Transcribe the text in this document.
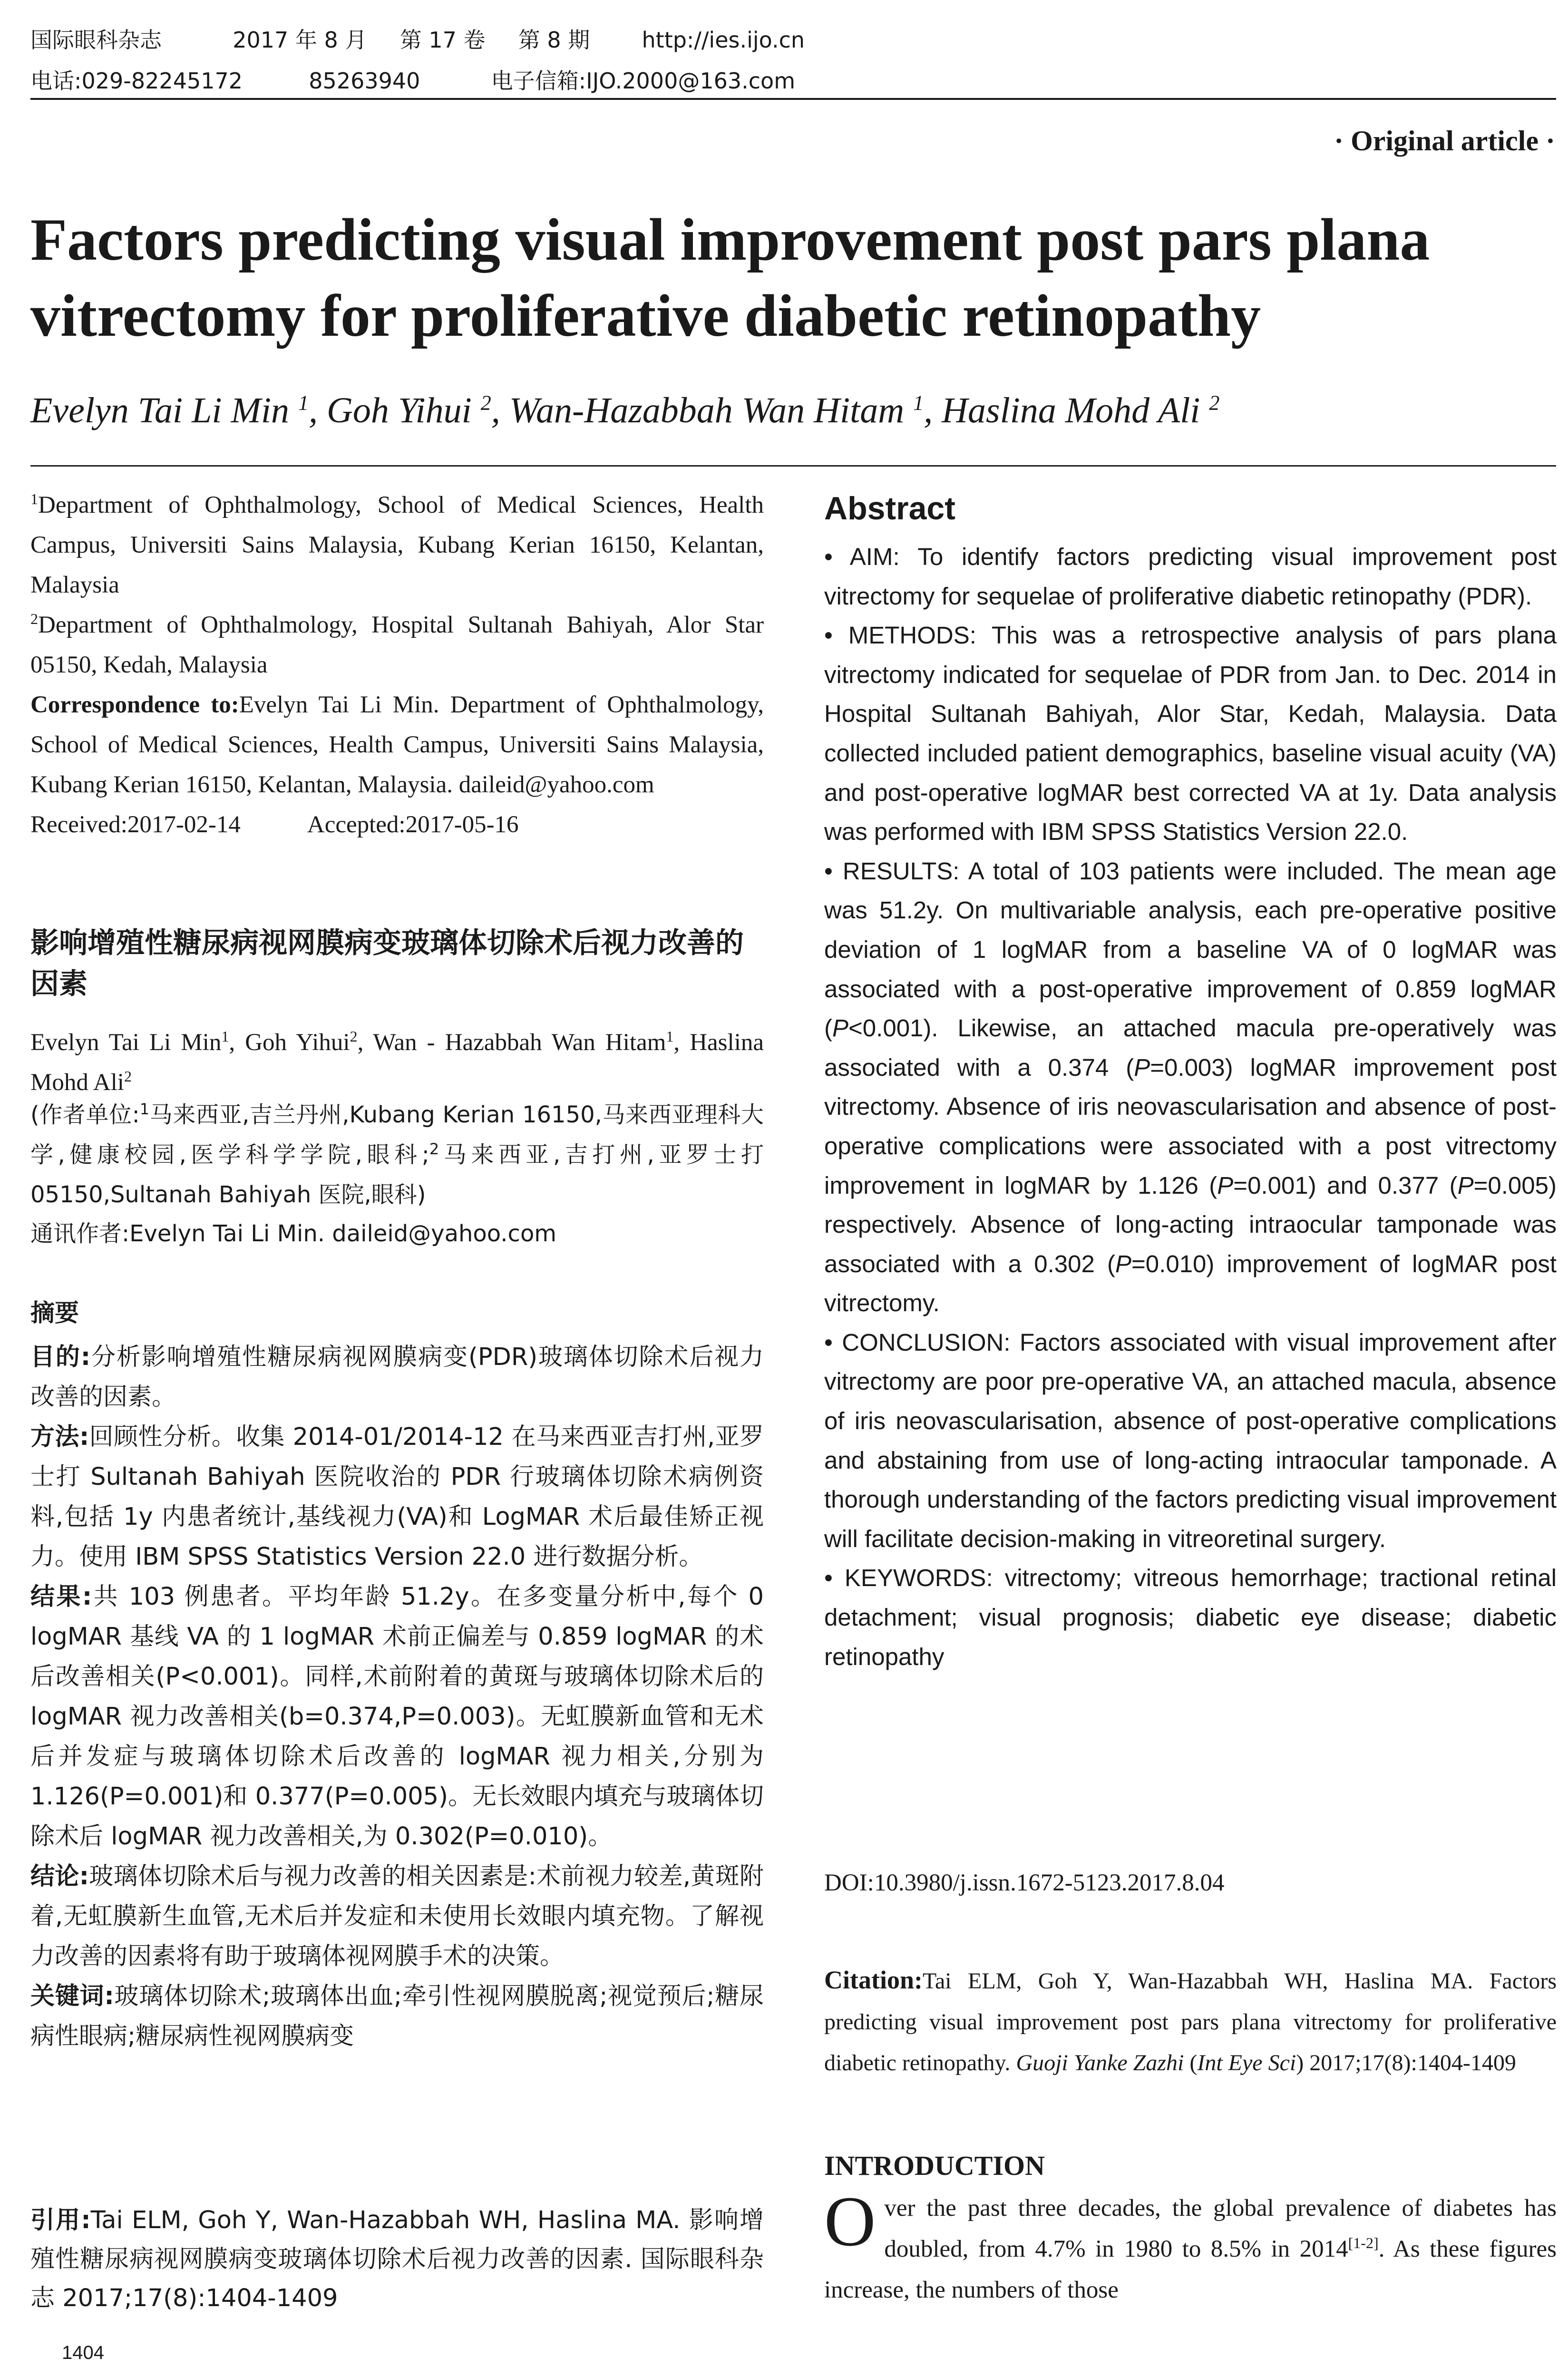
国际眼科杂志	2017 年 8 月 第 17 卷 第 8 期 http://ies.ijo.cn
电话:029-82245172	85263940	电子信箱:IJO.2000@163.com
· Original article ·
Factors predicting visual improvement post pars plana vitrectomy for proliferative diabetic retinopathy
Evelyn Tai Li Min $^1$, Goh Yihui $^2$, Wan-Hazabbah Wan Hitam $^1$, Haslina Mohd Ali $^2$
$^1$Department of Ophthalmology, School of Medical Sciences, Health Campus, Universiti Sains Malaysia, Kubang Kerian 16150, Kelantan, Malaysia
$^2$Department of Ophthalmology, Hospital Sultanah Bahiyah, Alor Star 05150, Kedah, Malaysia
Correspondence to:Evelyn Tai Li Min. Department of Ophthalmology, School of Medical Sciences, Health Campus, Universiti Sains Malaysia, Kubang Kerian 16150, Kelantan, Malaysia. daileid@yahoo.com
Received:2017-02-14	Accepted:2017-05-16
影响增殖性糖尿病视网膜病变玻璃体切除术后视力改善的因素
Evelyn Tai Li Min$^1$, Goh Yihui$^2$, Wan - Hazabbah Wan Hitam$^1$, Haslina Mohd Ali$^2$
(作者单位:$^1$马来西亚,吉兰丹州,Kubang Kerian 16150,马来西亚理科大学,健康校园,医学科学学院,眼科;$^2$马来西亚,吉打州,亚罗士打 05150,Sultanah Bahiyah 医院,眼科)
通讯作者:Evelyn Tai Li Min. daileid@yahoo.com
摘要
目的:分析影响增殖性糖尿病视网膜病变(PDR)玻璃体切除术后视力改善的因素。
方法:回顾性分析。收集 2014-01/2014-12 在马来西亚吉打州,亚罗士打 Sultanah Bahiyah 医院收治的 PDR 行玻璃体切除术病例资料,包括 1y 内患者统计,基线视力(VA)和 LogMAR 术后最佳矫正视力。使用 IBM SPSS Statistics Version 22.0 进行数据分析。
结果:共 103 例患者。平均年龄 51.2y。在多变量分析中,每个 0 logMAR 基线 VA 的 1 logMAR 术前正偏差与 0.859 logMAR 的术后改善相关(P<0.001)。同样,术前附着的黄斑与玻璃体切除术后的 logMAR 视力改善相关(b=0.374,P=0.003)。无虹膜新血管和无术后并发症与玻璃体切除术后改善的 logMAR 视力相关,分别为 1.126(P=0.001)和 0.377(P=0.005)。无长效眼内填充与玻璃体切除术后 logMAR 视力改善相关,为 0.302(P=0.010)。
结论:玻璃体切除术后与视力改善的相关因素是:术前视力较差,黄斑附着,无虹膜新生血管,无术后并发症和未使用长效眼内填充物。了解视力改善的因素将有助于玻璃体视网膜手术的决策。
关键词:玻璃体切除术;玻璃体出血;牵引性视网膜脱离;视觉预后;糖尿病性眼病;糖尿病性视网膜病变
引用:Tai ELM, Goh Y, Wan-Hazabbah WH, Haslina MA. 影响增殖性糖尿病视网膜病变玻璃体切除术后视力改善的因素. 国际眼科杂志 2017;17(8):1404-1409
1404
Abstract

• AIM: To identify factors predicting visual improvement post vitrectomy for sequelae of proliferative diabetic retinopathy (PDR).

• METHODS: This was a retrospective analysis of pars plana vitrectomy indicated for sequelae of PDR from Jan. to Dec. 2014 in Hospital Sultanah Bahiyah, Alor Star, Kedah, Malaysia. Data collected included patient demographics, baseline visual acuity (VA) and post-operative logMAR best corrected VA at 1y. Data analysis was performed with IBM SPSS Statistics Version 22.0.

• RESULTS: A total of 103 patients were included. The mean age was 51.2y. On multivariable analysis, each pre-operative positive deviation of 1 logMAR from a baseline VA of 0 logMAR was associated with a post-operative improvement of 0.859 logMAR (P<0.001). Likewise, an attached macula pre-operatively was associated with a 0.374 (P=0.003) logMAR improvement post vitrectomy. Absence of iris neovascularisation and absence of post-operative complications were associated with a post vitrectomy improvement in logMAR by 1.126 (P=0.001) and 0.377 (P=0.005) respectively. Absence of long-acting intraocular tamponade was associated with a 0.302 (P=0.010) improvement of logMAR post vitrectomy.

• CONCLUSION: Factors associated with visual improvement after vitrectomy are poor pre-operative VA, an attached macula, absence of iris neovascularisation, absence of post-operative complications and abstaining from use of long-acting intraocular tamponade. A thorough understanding of the factors predicting visual improvement will facilitate decision-making in vitreoretinal surgery.

• KEYWORDS: vitrectomy; vitreous hemorrhage; tractional retinal detachment; visual prognosis; diabetic eye disease; diabetic retinopathy

DOI:10.3980/j.issn.1672-5123.2017.8.04
Citation:Tai ELM, Goh Y, Wan-Hazabbah WH, Haslina MA. Factors predicting visual improvement post pars plana vitrectomy for proliferative diabetic retinopathy. Guoji Yanke Zazhi (Int Eye Sci) 2017;17(8):1404-1409
INTRODUCTION
Over the past three decades, the global prevalence of diabetes has doubled, from 4.7% in 1980 to 8.5% in 2014[1-2]. As these figures increase, the numbers of those
